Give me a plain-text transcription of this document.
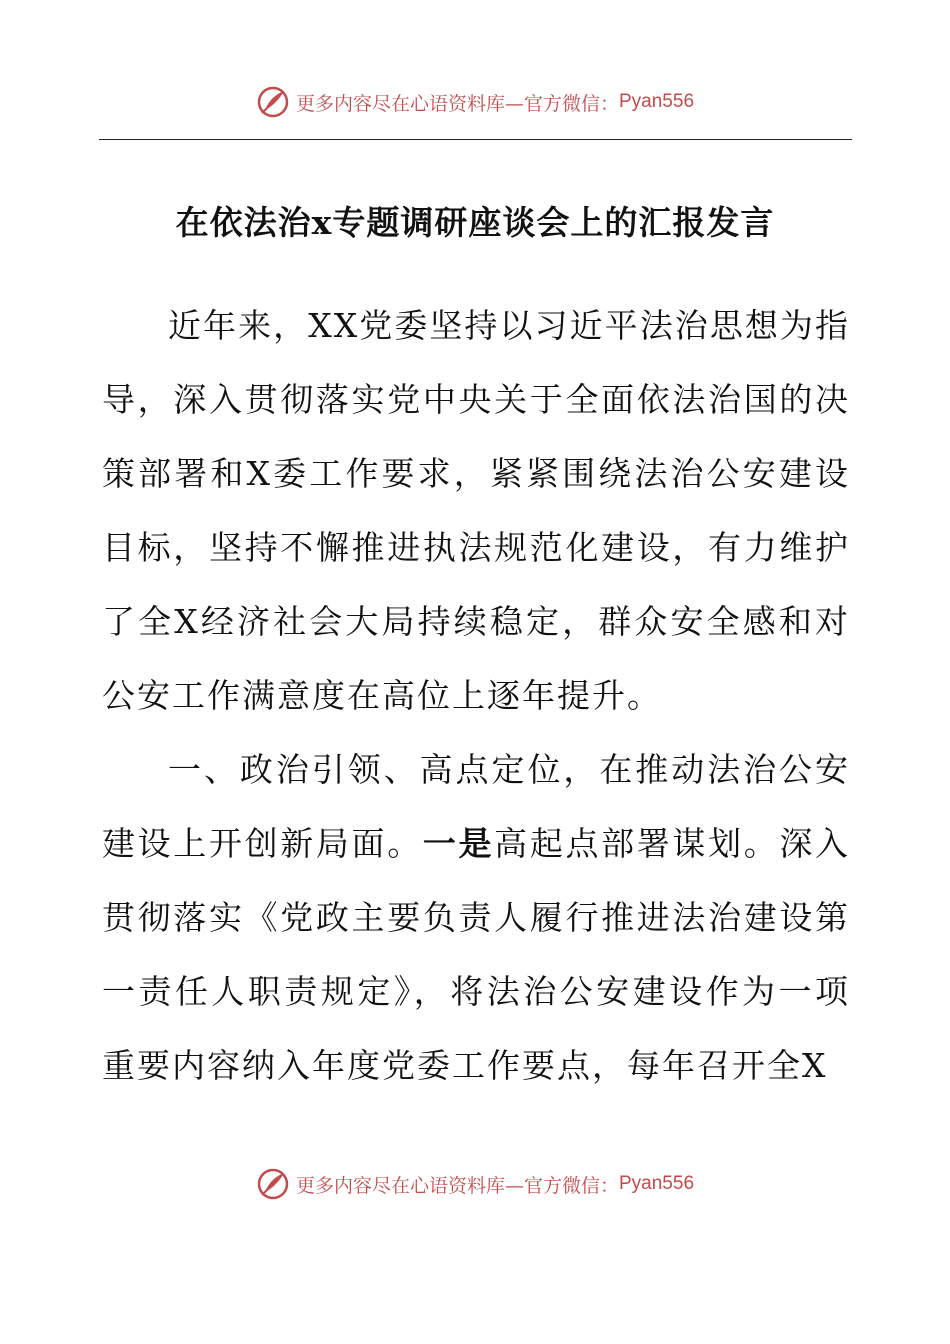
更多内容尽在心语资料库—官方微信： Pyan556
在依法治x专题调研座谈会上的汇报发言

近年来，XX党委坚持以习近平法治思想为指导，深入贯彻落实党中央关于全面依法治国的决策部署和X委工作要求，紧紧围绕法治公安建设目标，坚持不懈推进执法规范化建设，有力维护了全X经济社会大局持续稳定，群众安全感和对公安工作满意度在高位上逐年提升。

一、政治引领、高点定位，在推动法治公安建设上开创新局面。一是高起点部署谋划。深入贯彻落实《党政主要负责人履行推进法治建设第一责任人职责规定》，将法治公安建设作为一项重要内容纳入年度党委工作要点，每年召开全X

更多内容尽在心语资料库—官方微信： Pyan556
